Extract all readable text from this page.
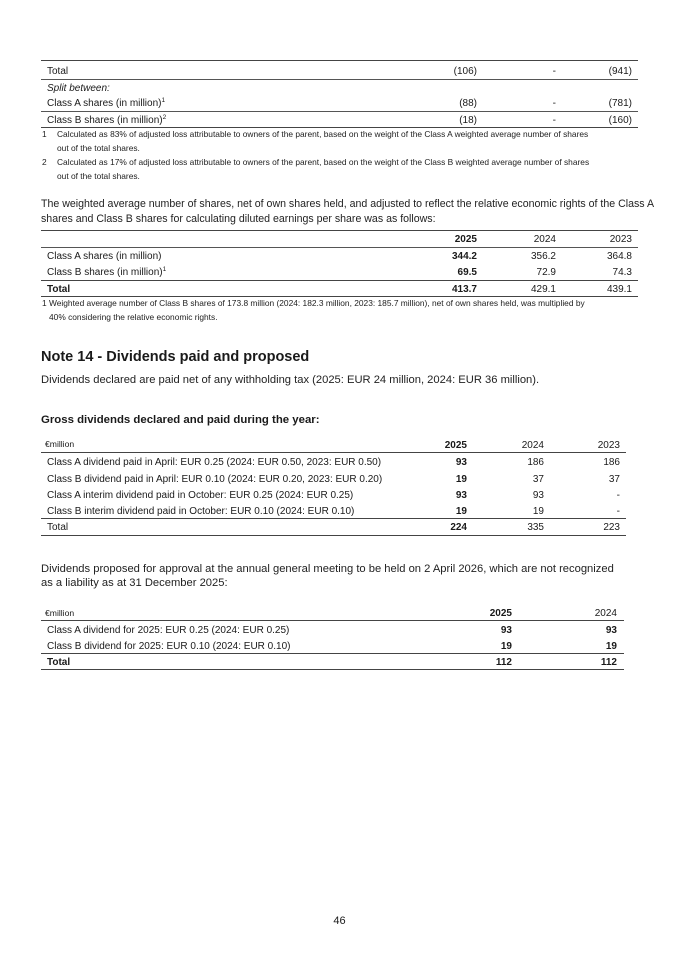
Total	(106)	-	(941)
Split between:
Class A shares (in million)$^1$	(88)	-	(781)
Class B shares (in million)$^2$	(18)	-	(160)
1 Calculated as 83% of adjusted loss attributable to owners of the parent, based on the weight of the Class A weighted average number of shares
out of the total shares.
2 Calculated as 17% of adjusted loss attributable to owners of the parent, based on the weight of the Class B weighted average number of shares
out of the total shares.
The weighted average number of shares, net of own shares held, and adjusted to reflect the relative economic rights of the Class A
shares and Class B shares for calculating diluted earnings per share was as follows:
2025	2024	2023
Class A shares (in million)	344.2	356.2	364.8
Class B shares (in million)$^1$	69.5	72.9	74.3
Total	413.7	429.1	439.1
1 Weighted average number of Class B shares of 173.8 million (2024: 182.3 million, 2023: 185.7 million), net of own shares held, was multiplied by
40% considering the relative economic rights.
Note 14 - Dividends paid and proposed
Dividends declared are paid net of any withholding tax (2025: EUR 24 million, 2024: EUR 36 million).
Gross dividends declared and paid during the year:
€million	2025	2024	2023
Class A dividend paid in April: EUR 0.25 (2024: EUR 0.50, 2023: EUR 0.50)	93	186	186
Class B dividend paid in April: EUR 0.10 (2024: EUR 0.20, 2023: EUR 0.20)	19	37	37
Class A interim dividend paid in October: EUR 0.25 (2024: EUR 0.25)	93	93	-
Class B interim dividend paid in October: EUR 0.10 (2024: EUR 0.10)	19	19	-
Total	224	335	223
Dividends proposed for approval at the annual general meeting to be held on 2 April 2026, which are not recognized
as a liability as at 31 December 2025:
€million	2025	2024
Class A dividend for 2025: EUR 0.25 (2024: EUR 0.25)	93	93
Class B dividend for 2025: EUR 0.10 (2024: EUR 0.10)	19	19
Total	112	112
46
